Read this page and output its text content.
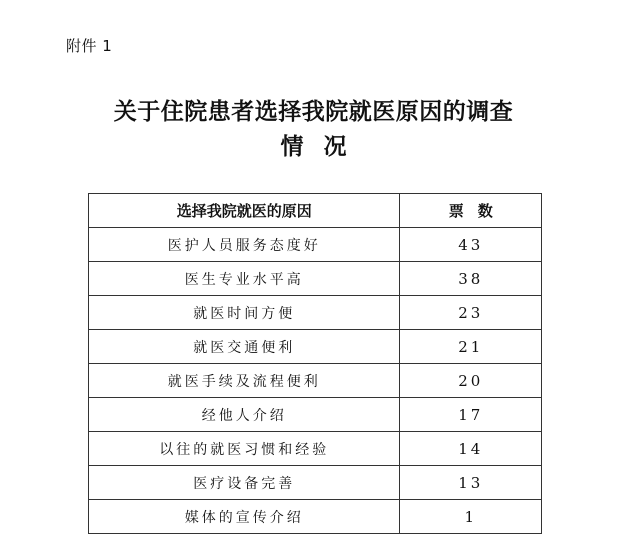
附件 1
关于住院患者选择我院就医原因的调查
情况
选择我院就医的原因	票数
医护人员服务态度好	43
医生专业水平高	38
就医时间方便	23
就医交通便利	21
就医手续及流程便利	20
经他人介绍	17
以往的就医习惯和经验	14
医疗设备完善	13
媒体的宣传介绍	1
